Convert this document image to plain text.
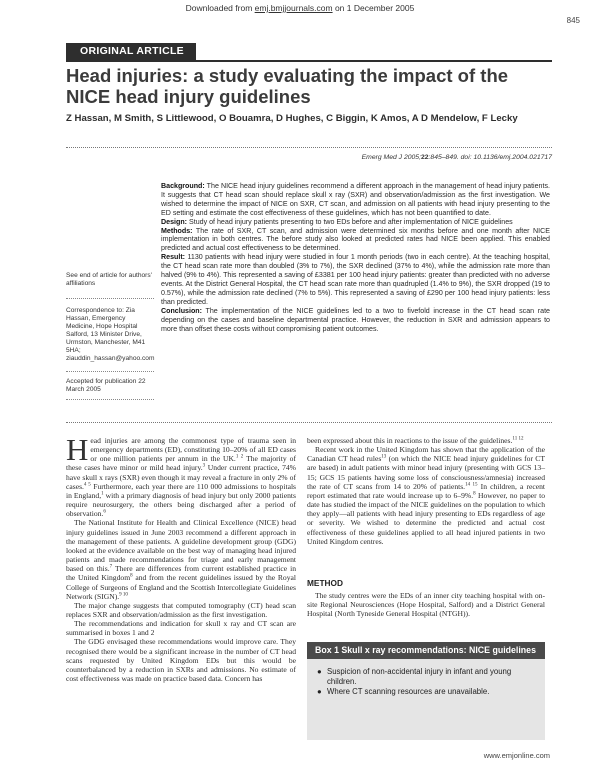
Downloaded from emj.bmjjournals.com on 1 December 2005
845
ORIGINAL ARTICLE
Head injuries: a study evaluating the impact of the NICE head injury guidelines
Z Hassan, M Smith, S Littlewood, O Bouamra, D Hughes, C Biggin, K Amos, A D Mendelow, F Lecky
Emerg Med J 2005;22:845–849. doi: 10.1136/emj.2004.021717
See end of article for authors' affiliations
Correspondence to: Zia Hassan, Emergency Medicine, Hope Hospital Salford, 13 Minister Drive, Urmston, Manchester, M41 5HA; ziauddin_hassan@yahoo.com
Accepted for publication 22 March 2005

Background: The NICE head injury guidelines recommend a different approach in the management of head injury patients. It suggests that CT head scan should replace skull x ray (SXR) and observation/admission as the first investigation. We wished to determine the impact of NICE on SXR, CT scan, and admission on all patients with head injury presenting to the ED setting and estimate the cost effectiveness of these guidelines, which has not been quantified to date.

Design: Study of head injury patients presenting to two EDs before and after implementation of NICE guidelines

Methods: The rate of SXR, CT scan, and admission were determined six months before and one month after NICE implementation in both centres. The before study also looked at predicted rates had NICE been applied. This enabled predicted and actual cost effectiveness to be determined.

Result: 1130 patients with head injury were studied in four 1 month periods (two in each centre). At the teaching hospital, the CT head scan rate more than doubled (3% to 7%), the SXR declined (37% to 4%), while the admission rate more than halved (9% to 4%). This represented a saving of £3381 per 100 head injury patients: greater than predicted with no adverse events. At the District General Hospital, the CT head scan rate more than quadrupled (1.4% to 9%), the SXR dropped (19 to 0.57%), while the admission rate declined (7% to 5%). This represented a saving of £290 per 100 head injury patients: less than predicted.

Conclusion: The implementation of the NICE guidelines led to a two to fivefold increase in the CT head scan rate depending on the cases and baseline departmental practice. However, the reduction in SXR and admission appears to more than offset these costs without compromising patient outcomes.

Head injuries are among the commonest type of trauma seen in emergency departments (ED), constituting 10–20% of all ED cases or one million patients per annum in the UK.$^{1 2}$ The majority of these cases have minor or mild head injury.$^3$ Under current practice, 74% have skull x rays (SXR) even though it may reveal a fracture in only 2% of cases.$^{4 5}$ Furthermore, each year there are 110 000 admissions to hospitals in England,$^1$ with a primary diagnosis of head injury but only 2000 patients require neurosurgery, the others being discharged after a period of observation.$^6$

The National Institute for Health and Clinical Excellence (NICE) head injury guidelines issued in June 2003 recommend a different approach in the management of these patients. A guideline development group (GDG) looked at the evidence available on the best way of managing head injured patients and made recommendations for triage and early management based on this.$^7$ There are differences from current established practice in the United Kingdom$^8$ and from the recent guidelines issued by the Royal College of Surgeons of England and the Scottish Intercollegiate Guidelines Network (SIGN).$^{9 10}$

The major change suggests that computed tomography (CT) head scan replaces SXR and observation/admission as the first investigation.

The recommendations and indication for skull x ray and CT scan are summarised in boxes 1 and 2

The GDG envisaged these recommendations would improve care. They recognised there would be a significant increase in the number of CT head scans requested by United Kingdom EDs but this would be counterbalanced by a reduction in SXRs and admissions. No estimate of cost effectiveness was made on practice based data. Concern has

been expressed about this in reactions to the issue of the guidelines.$^{11 12}$

Recent work in the United Kingdom has shown that the application of the Canadian CT head rules$^{13}$ (on which the NICE head injury guidelines for CT are based) in adult patients with minor head injury (presenting with GCS 13–15; GCS 15 patients having some loss of consciousness/amnesia) increased the rate of CT scans from 14 to 20% of patients.$^{14 15}$ In children, a recent report estimated that rate would increase up to 6–9%.$^8$ However, no paper to date has studied the impact of the NICE guidelines on the population to which they apply—all patients with head injury presenting to EDs regardless of age or severity. We wished to determine the predicted and actual cost effectiveness of these guidelines applied to all head injured patients in two United Kingdom centres.

METHOD

The study centres were the EDs of an inner city teaching hospital with on-site Regional Neurosciences (Hope Hospital, Salford) and a District General Hospital (North Tyneside General Hospital (NTGH)).

Box 1 Skull x ray recommendations: NICE guidelines
● Suspicion of non-accidental injury in infant and young children.
● Where CT scanning resources are unavailable.
www.emjonline.com
